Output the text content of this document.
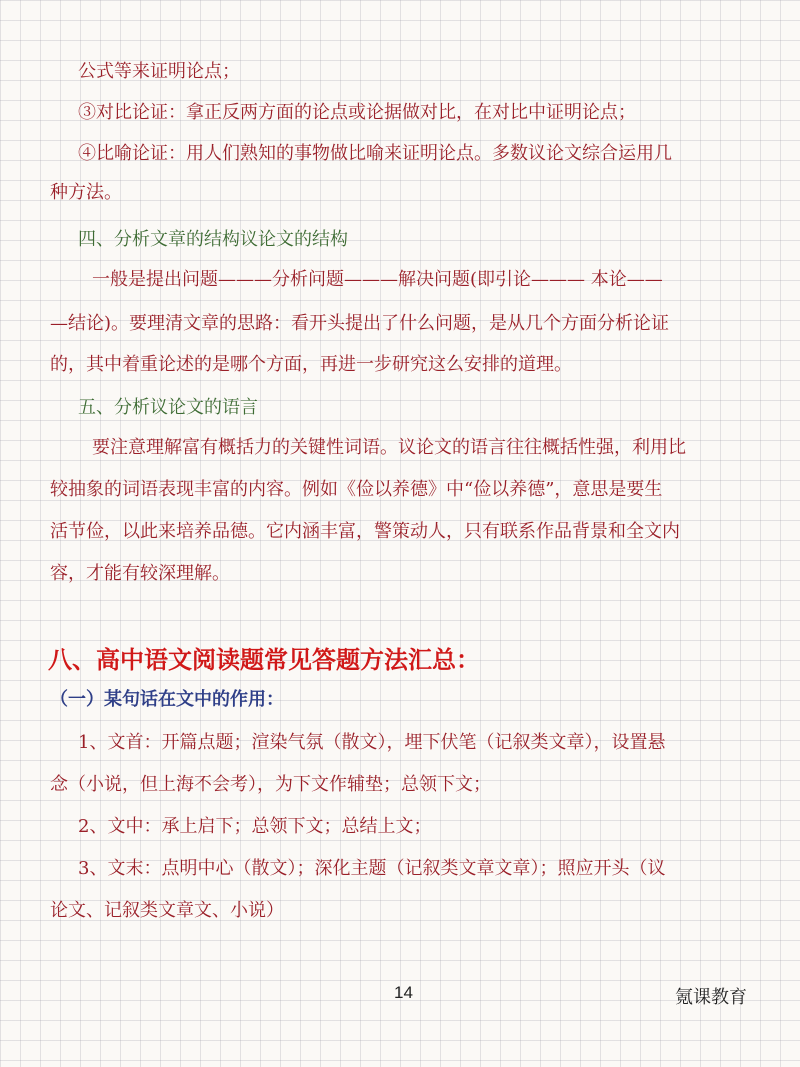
公式等来证明论点；
③对比论证：拿正反两方面的论点或论据做对比，在对比中证明论点；
④比喻论证：用人们熟知的事物做比喻来证明论点。多数议论文综合运用几
种方法。
四、分析文章的结构议论文的结构
一般是提出问题———分析问题———解决问题(即引论——— 本论——
—结论)。要理清文章的思路：看开头提出了什么问题，是从几个方面分析论证
的，其中着重论述的是哪个方面，再进一步研究这么安排的道理。
五、分析议论文的语言
要注意理解富有概括力的关键性词语。议论文的语言往往概括性强，利用比
较抽象的词语表现丰富的内容。例如《俭以养德》中“俭以养德”，意思是要生
活节俭，以此来培养品德。它内涵丰富，警策动人，只有联系作品背景和全文内
容，才能有较深理解。
八、高中语文阅读题常见答题方法汇总：
（一）某句话在文中的作用：
1、文首：开篇点题；渲染气氛（散文），埋下伏笔（记叙类文章），设置悬
念（小说，但上海不会考），为下文作辅垫；总领下文；
2、文中：承上启下；总领下文；总结上文；
3、文末：点明中心（散文）；深化主题（记叙类文章文章）；照应开头（议
论文、记叙类文章文、小说）
14	氪课教育
